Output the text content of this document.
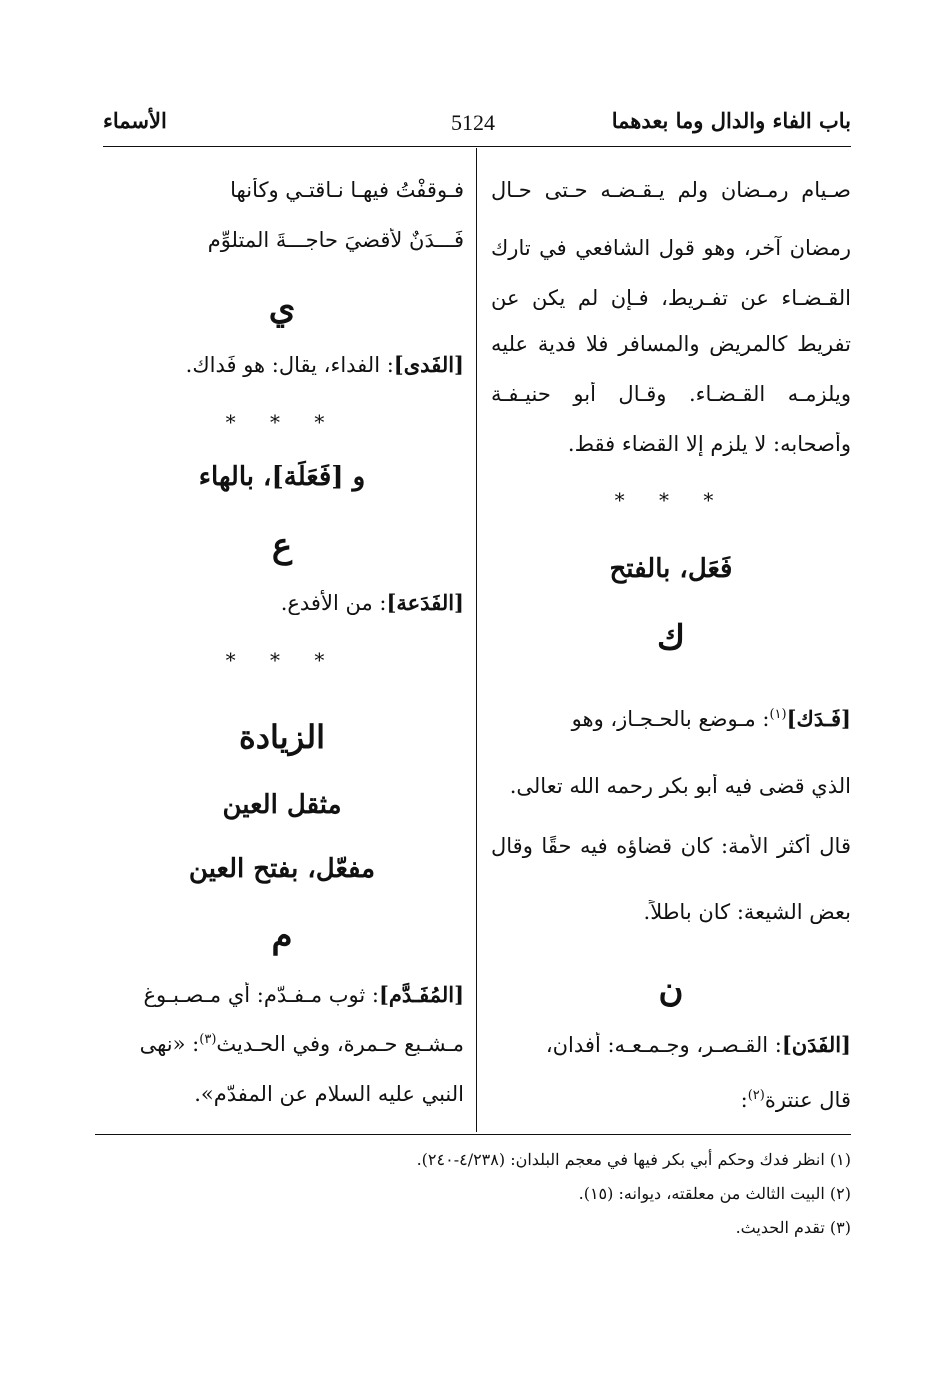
باب الفاء والدال وما بعدهما
5124
الأسماء
صـيام رمـضان ولم يـقـضـه حـتى حـال
رمضان آخر، وهو قول الشافعي في تارك
القـضـاء عن تفـريط، فـإن لم يكن عن
تفريط كالمريض والمسافر فلا فدية عليه
ويلزمـه القـضـاء. وقـال أبو حنيـفـة
وأصحابه: لا يلزم إلا القضاء فقط.
* * *
فَعَل، بالفتح
ك
[فَـدَك]$^{(١)}$: مـوضع بالحـجـاز، وهو
الذي قضى فيه أبو بكر رحمه الله تعالى.
قال أكثر الأمة: كان قضاؤه فيه حقًا وقال
بعض الشيعة: كان باطلاً.
ن
[الفَدَن]: القـصـر، وجـمـعـه: أفدان،
قال عنترة$^{(٢)}$:
فـوقفْتُ فيهـا نـاقتـي وكأنها
فَـــدَنٌ لأقضيَ حاجـــةَ المتلوِّمِ
ي
[الفَدى]: الفداء، يقال: هو فَداك.
* * *
و [فَعَلَة]، بالهاء
ع
[الفَدَعة]: من الأفدع.
* * *
الزيادة
مثقل العين
مفعّل، بفتح العين
م
[المُفَـدَّم]: ثوب مـفـدّم: أي مـصـبـوغ
مـشـبع حـمرة، وفي الحـديث$^{(٣)}$: «نهى
النبي عليه السلام عن المفدّم».
(١) انظر فدك وحكم أبي بكر فيها في معجم البلدان: (٤/٢٣٨-٢٤٠).
(٢) البيت الثالث من معلقته، ديوانه: (١٥).
(٣) تقدم الحديث.
